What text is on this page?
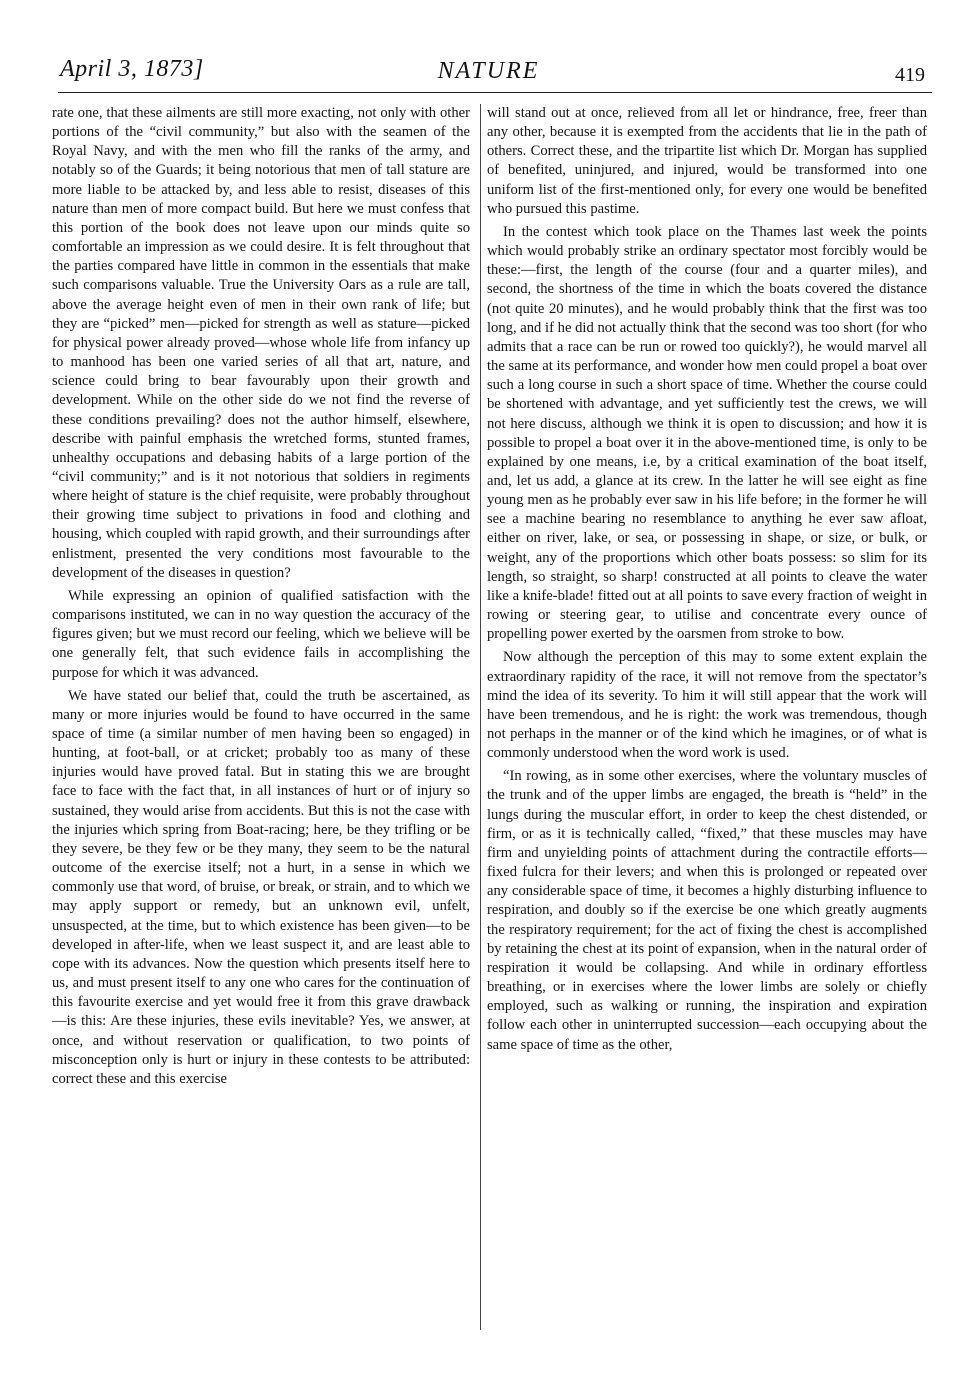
April 3, 1873]	NATURE	419

rate one, that these ailments are still more exacting, not only with other portions of the “civil community,” but also with the seamen of the Royal Navy, and with the men who fill the ranks of the army, and notably so of the Guards; it being notorious that men of tall stature are more liable to be attacked by, and less able to resist, diseases of this nature than men of more compact build. But here we must confess that this portion of the book does not leave upon our minds quite so comfortable an impression as we could desire. It is felt throughout that the parties compared have little in common in the essentials that make such comparisons valuable. True the University Oars as a rule are tall, above the average height even of men in their own rank of life; but they are “picked” men—picked for strength as well as stature—picked for physical power already proved—whose whole life from infancy up to manhood has been one varied series of all that art, nature, and science could bring to bear favourably upon their growth and development. While on the other side do we not find the reverse of these conditions prevailing? does not the author himself, elsewhere, describe with painful emphasis the wretched forms, stunted frames, unhealthy occupations and debasing habits of a large portion of the “civil community;” and is it not notorious that soldiers in regiments where height of stature is the chief requisite, were probably throughout their growing time subject to privations in food and clothing and housing, which coupled with rapid growth, and their surroundings after enlistment, presented the very conditions most favourable to the development of the diseases in question?

While expressing an opinion of qualified satisfaction with the comparisons instituted, we can in no way question the accuracy of the figures given; but we must record our feeling, which we believe will be one generally felt, that such evidence fails in accomplishing the purpose for which it was advanced.

We have stated our belief that, could the truth be ascertained, as many or more injuries would be found to have occurred in the same space of time (a similar number of men having been so engaged) in hunting, at foot-ball, or at cricket; probably too as many of these injuries would have proved fatal. But in stating this we are brought face to face with the fact that, in all instances of hurt or of injury so sustained, they would arise from accidents. But this is not the case with the injuries which spring from Boat-racing; here, be they trifling or be they severe, be they few or be they many, they seem to be the natural outcome of the exercise itself; not a hurt, in a sense in which we commonly use that word, of bruise, or break, or strain, and to which we may apply support or remedy, but an unknown evil, unfelt, unsuspected, at the time, but to which existence has been given—to be developed in after-life, when we least suspect it, and are least able to cope with its advances. Now the question which presents itself here to us, and must present itself to any one who cares for the continuation of this favourite exercise and yet would free it from this grave drawback—is this: Are these injuries, these evils inevitable? Yes, we answer, at once, and without reservation or qualification, to two points of misconception only is hurt or injury in these contests to be attributed: correct these and this exercise

will stand out at once, relieved from all let or hindrance, free, freer than any other, because it is exempted from the accidents that lie in the path of others. Correct these, and the tripartite list which Dr. Morgan has supplied of benefited, uninjured, and injured, would be transformed into one uniform list of the first-mentioned only, for every one would be benefited who pursued this pastime.

In the contest which took place on the Thames last week the points which would probably strike an ordinary spectator most forcibly would be these:—first, the length of the course (four and a quarter miles), and second, the shortness of the time in which the boats covered the distance (not quite 20 minutes), and he would probably think that the first was too long, and if he did not actually think that the second was too short (for who admits that a race can be run or rowed too quickly?), he would marvel all the same at its performance, and wonder how men could propel a boat over such a long course in such a short space of time. Whether the course could be shortened with advantage, and yet sufficiently test the crews, we will not here discuss, although we think it is open to discussion; and how it is possible to propel a boat over it in the above-mentioned time, is only to be explained by one means, i.e, by a critical examination of the boat itself, and, let us add, a glance at its crew. In the latter he will see eight as fine young men as he probably ever saw in his life before; in the former he will see a machine bearing no resemblance to anything he ever saw afloat, either on river, lake, or sea, or possessing in shape, or size, or bulk, or weight, any of the proportions which other boats possess: so slim for its length, so straight, so sharp! constructed at all points to cleave the water like a knife-blade! fitted out at all points to save every fraction of weight in rowing or steering gear, to utilise and concentrate every ounce of propelling power exerted by the oarsmen from stroke to bow.

Now although the perception of this may to some extent explain the extraordinary rapidity of the race, it will not remove from the spectator’s mind the idea of its severity. To him it will still appear that the work will have been tremendous, and he is right: the work was tremendous, though not perhaps in the manner or of the kind which he imagines, or of what is commonly understood when the word work is used.

“In rowing, as in some other exercises, where the voluntary muscles of the trunk and of the upper limbs are engaged, the breath is “held” in the lungs during the muscular effort, in order to keep the chest distended, or firm, or as it is technically called, “fixed,” that these muscles may have firm and unyielding points of attachment during the contractile efforts—fixed fulcra for their levers; and when this is prolonged or repeated over any considerable space of time, it becomes a highly disturbing influence to respiration, and doubly so if the exercise be one which greatly augments the respiratory requirement; for the act of fixing the chest is accomplished by retaining the chest at its point of expansion, when in the natural order of respiration it would be collapsing. And while in ordinary effortless breathing, or in exercises where the lower limbs are solely or chiefly employed, such as walking or running, the inspiration and expiration follow each other in uninterrupted succession—each occupying about the same space of time as the other,
